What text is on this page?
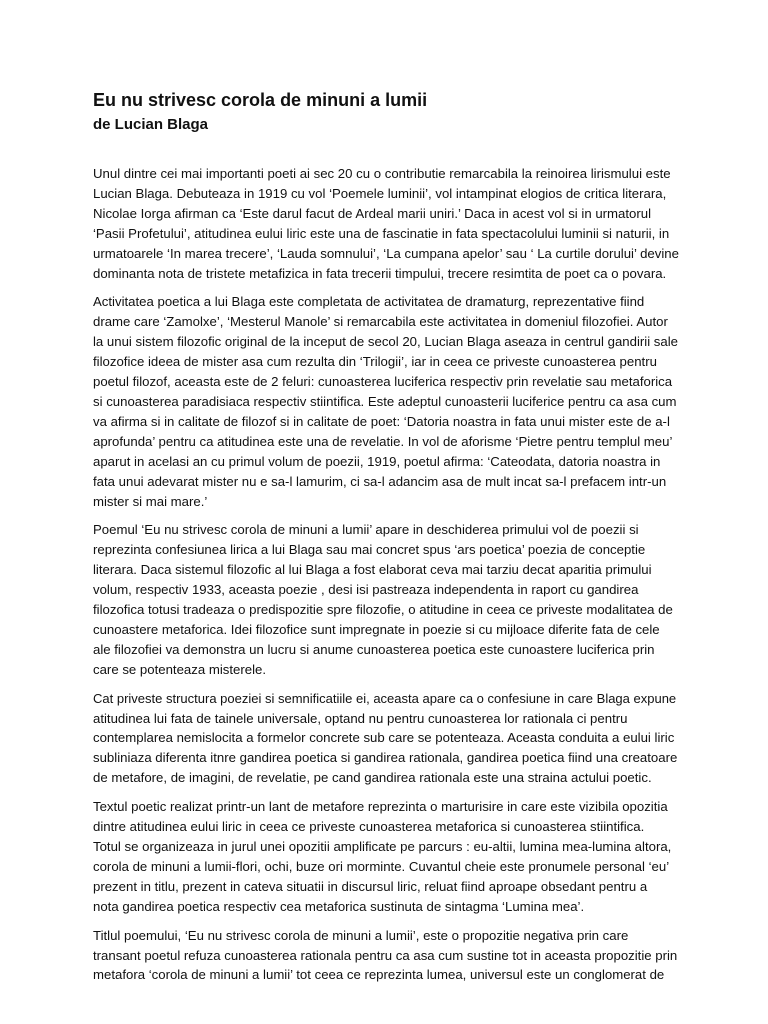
Eu nu strivesc corola de minuni a lumii
de Lucian Blaga

Unul dintre cei mai importanti poeti ai sec 20 cu o contributie remarcabila la reinoirea lirismului este
Lucian Blaga. Debuteaza in 1919 cu vol ‘Poemele luminii’, vol intampinat elogios de critica literara,
Nicolae Iorga afirman ca ‘Este darul facut de Ardeal marii uniri.’ Daca in acest vol si in urmatorul
‘Pasii Profetului’, atitudinea eului liric este una de fascinatie in fata spectacolului luminii si naturii, in
urmatoarele ‘In marea trecere’, ‘Lauda somnului’, ‘La cumpana apelor’ sau ‘ La curtile dorului’ devine
dominanta nota de tristete metafizica in fata trecerii timpului, trecere resimtita de poet ca o povara.

Activitatea poetica a lui Blaga este completata de activitatea de dramaturg, reprezentative fiind
drame care ‘Zamolxe’, ‘Mesterul Manole’ si remarcabila este activitatea in domeniul filozofiei. Autor
la unui sistem filozofic original de la inceput de secol 20, Lucian Blaga aseaza in centrul gandirii sale
filozofice ideea de mister asa cum rezulta din ‘Trilogii’, iar in ceea ce priveste cunoasterea pentru
poetul filozof, aceasta este de 2 feluri: cunoasterea luciferica respectiv prin revelatie sau metaforica
si cunoasterea paradisiaca respectiv stiintifica. Este adeptul cunoasterii luciferice pentru ca asa cum
va afirma si in calitate de filozof si in calitate de poet: ‘Datoria noastra in fata unui mister este de a-l
aprofunda’ pentru ca atitudinea este una de revelatie. In vol de aforisme ‘Pietre pentru templul meu’
aparut in acelasi an cu primul volum de poezii, 1919, poetul afirma: ‘Cateodata, datoria noastra in
fata unui adevarat mister nu e sa-l lamurim, ci sa-l adancim asa de mult incat sa-l prefacem intr-un
mister si mai mare.’

Poemul ‘Eu nu strivesc corola de minuni a lumii’ apare in deschiderea primului vol de poezii si
reprezinta confesiunea lirica a lui Blaga sau mai concret spus ‘ars poetica’ poezia de conceptie
literara. Daca sistemul filozofic al lui Blaga a fost elaborat ceva mai tarziu decat aparitia primului
volum, respectiv 1933, aceasta poezie , desi isi pastreaza independenta in raport cu gandirea
filozofica totusi tradeaza o predispozitie spre filozofie, o atitudine in ceea ce priveste modalitatea de
cunoastere metaforica. Idei filozofice sunt impregnate in poezie si cu mijloace diferite fata de cele
ale filozofiei va demonstra un lucru si anume cunoasterea poetica este cunoastere luciferica prin
care se potenteaza misterele.

Cat priveste structura poeziei si semnificatiile ei, aceasta apare ca o confesiune in care Blaga expune
atitudinea lui fata de tainele universale, optand nu pentru cunoasterea lor rationala ci pentru
contemplarea nemislocita a formelor concrete sub care se potenteaza. Aceasta conduita a eului liric
subliniaza diferenta itnre gandirea poetica si gandirea rationala, gandirea poetica fiind una creatoare
de metafore, de imagini, de revelatie, pe cand gandirea rationala este una straina actului poetic.

Textul poetic realizat printr-un lant de metafore reprezinta o marturisire in care este vizibila opozitia
dintre atitudinea eului liric in ceea ce priveste cunoasterea metaforica si cunoasterea stiintifica.
Totul se organizeaza in jurul unei opozitii amplificate pe parcurs : eu-altii, lumina mea-lumina altora,
corola de minuni a lumii-flori, ochi, buze ori morminte. Cuvantul cheie este pronumele personal ‘eu’
prezent in titlu, prezent in cateva situatii in discursul liric, reluat fiind aproape obsedant pentru a
nota gandirea poetica respectiv cea metaforica sustinuta de sintagma ‘Lumina mea’.

Titlul poemului, ‘Eu nu strivesc corola de minuni a lumii’, este o propozitie negativa prin care
transant poetul refuza cunoasterea rationala pentru ca asa cum sustine tot in aceasta propozitie prin
metafora ‘corola de minuni a lumii’ tot ceea ce reprezinta lumea, universul este un conglomerat de
